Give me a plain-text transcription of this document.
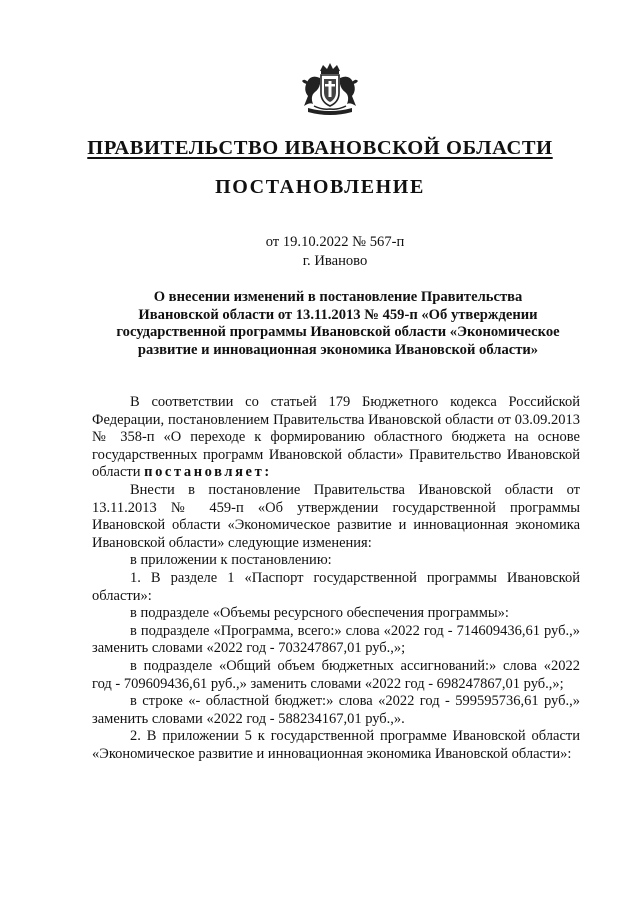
ПРАВИТЕЛЬСТВО ИВАНОВСКОЙ ОБЛАСТИ
ПОСТАНОВЛЕНИЕ
от 19.10.2022 № 567-п
г. Иваново
О внесении изменений в постановление Правительства
Ивановской области от 13.11.2013 № 459-п «Об утверждении
государственной программы Ивановской области «Экономическое
развитие и инновационная экономика Ивановской области»

В соответствии со статьей 179 Бюджетного кодекса Российской Федерации, постановлением Правительства Ивановской области от 03.09.2013 № 358-п «О переходе к формированию областного бюджета на основе государственных программ Ивановской области» Правительство Ивановской области постановляет:

Внести в постановление Правительства Ивановской области от 13.11.2013 № 459-п «Об утверждении государственной программы Ивановской области «Экономическое развитие и инновационная экономика Ивановской области» следующие изменения:

в приложении к постановлению:

1. В разделе 1 «Паспорт государственной программы Ивановской области»:

в подразделе «Объемы ресурсного обеспечения программы»:

в подразделе «Программа, всего:» слова «2022 год - 714609436,61 руб.,» заменить словами «2022 год - 703247867,01 руб.,»;

в подразделе «Общий объем бюджетных ассигнований:» слова «2022 год - 709609436,61 руб.,» заменить словами «2022 год - 698247867,01 руб.,»;

в строке «- областной бюджет:» слова «2022 год - 599595736,61 руб.,» заменить словами «2022 год - 588234167,01 руб.,».

2. В приложении 5 к государственной программе Ивановской области «Экономическое развитие и инновационная экономика Ивановской области»:
